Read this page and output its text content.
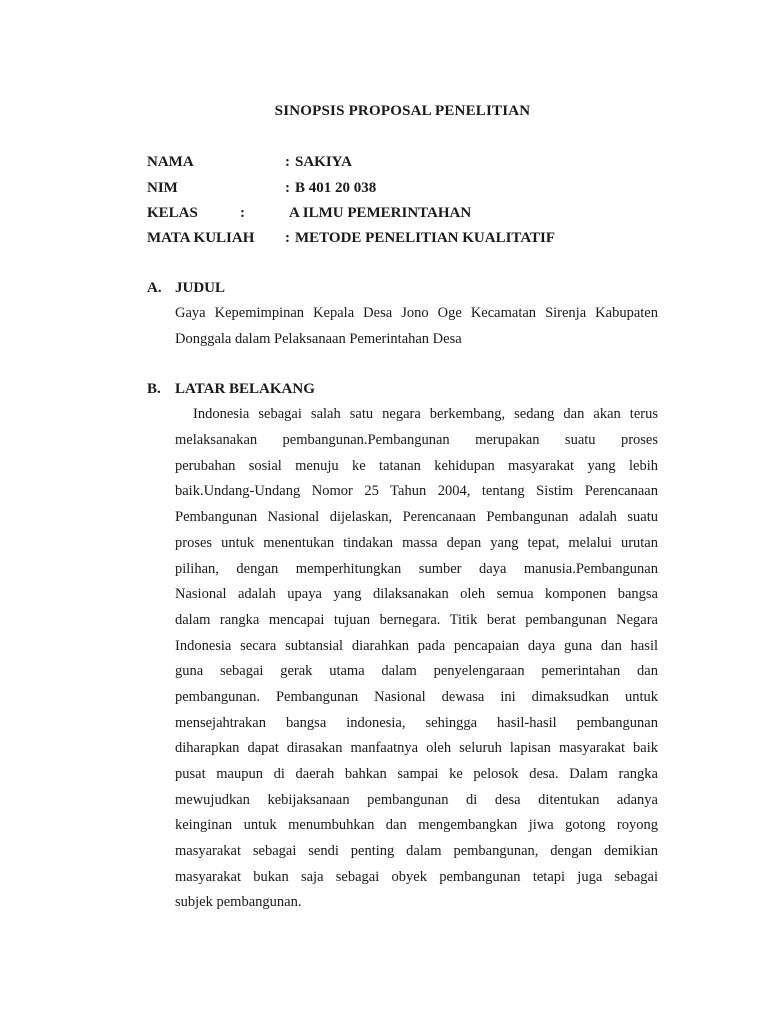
SINOPSIS PROPOSAL PENELITIAN
NAMA	: SAKIYA
NIM	: B 401 20 038
KELAS	:	A ILMU PEMERINTAHAN
MATA KULIAH : METODE PENELITIAN KUALITATIF
A. JUDUL
Gaya Kepemimpinan Kepala Desa Jono Oge Kecamatan Sirenja Kabupaten
Donggala dalam Pelaksanaan Pemerintahan Desa
B. LATAR BELAKANG
Indonesia sebagai salah satu negara berkembang, sedang dan akan terus
melaksanakan pembangunan.Pembangunan merupakan suatu proses
perubahan sosial menuju ke tatanan kehidupan masyarakat yang lebih
baik.Undang-Undang Nomor 25 Tahun 2004, tentang Sistim Perencanaan
Pembangunan Nasional dijelaskan, Perencanaan Pembangunan adalah suatu
proses untuk menentukan tindakan massa depan yang tepat, melalui urutan
pilihan, dengan memperhitungkan sumber daya manusia.Pembangunan
Nasional adalah upaya yang dilaksanakan oleh semua komponen bangsa
dalam rangka mencapai tujuan bernegara. Titik berat pembangunan Negara
Indonesia secara subtansial diarahkan pada pencapaian daya guna dan hasil
guna sebagai gerak utama dalam penyelengaraan pemerintahan dan
pembangunan. Pembangunan Nasional dewasa ini dimaksudkan untuk
mensejahtrakan bangsa indonesia, sehingga hasil-hasil pembangunan
diharapkan dapat dirasakan manfaatnya oleh seluruh lapisan masyarakat baik
pusat maupun di daerah bahkan sampai ke pelosok desa. Dalam rangka
mewujudkan kebijaksanaan pembangunan di desa ditentukan adanya
keinginan untuk menumbuhkan dan mengembangkan jiwa gotong royong
masyarakat sebagai sendi penting dalam pembangunan, dengan demikian
masyarakat bukan saja sebagai obyek pembangunan tetapi juga sebagai
subjek pembangunan.
